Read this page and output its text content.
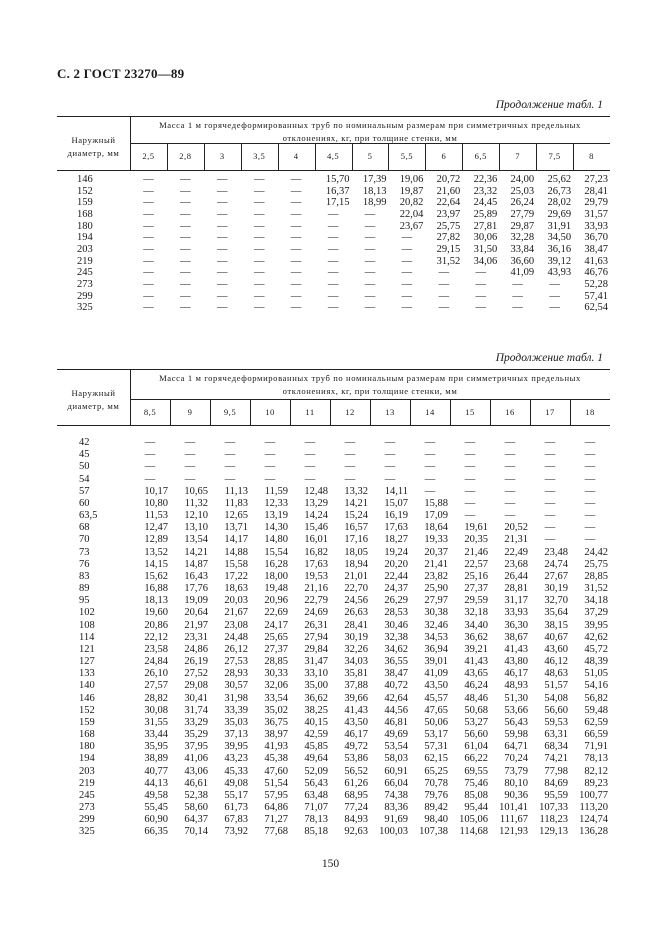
С. 2 ГОСТ 23270—89
150
Продолжение табл. 1
Наружный диаметр, мм
Масса 1 м горячедеформированных труб по номинальным размерам при симметричных предельных отклонениях, кг, при толщине стенки, мм
2,5	2,8	3	3,5	4	4,5	5	5,5	6	6,5	7	7,5	8
146	—	—	—	—	—	15,70	17,39	19,06	20,72	22,36	24,00	25,62	27,23
152	—	—	—	—	—	16,37	18,13	19,87	21,60	23,32	25,03	26,73	28,41
159	—	—	—	—	—	17,15	18,99	20,82	22,64	24,45	26,24	28,02	29,79
168	—	—	—	—	—	—	—	22,04	23,97	25,89	27,79	29,69	31,57
180	—	—	—	—	—	—	—	23,67	25,75	27,81	29,87	31,91	33,93
194	—	—	—	—	—	—	—	—	27,82	30,06	32,28	34,50	36,70
203	—	—	—	—	—	—	—	—	29,15	31,50	33,84	36,16	38,47
219	—	—	—	—	—	—	—	—	31,52	34,06	36,60	39,12	41,63
245	—	—	—	—	—	—	—	—	—	—	41,09	43,93	46,76
273	—	—	—	—	—	—	—	—	—	—	—	—	52,28
299	—	—	—	—	—	—	—	—	—	—	—	—	57,41
325	—	—	—	—	—	—	—	—	—	—	—	—	62,54
Продолжение табл. 1
Наружный диаметр, мм
Масса 1 м горячедеформированных труб по номинальным размерам при симметричных предельных отклонениях, кг, при толщине стенки, мм
8,5	9	9,5	10	11	12	13	14	15	16	17	18
42	—	—	—	—	—	—	—	—	—	—	—	—
45	—	—	—	—	—	—	—	—	—	—	—	—
50	—	—	—	—	—	—	—	—	—	—	—	—
54	—	—	—	—	—	—	—	—	—	—	—	—
57	10,17	10,65	11,13	11,59	12,48	13,32	14,11	—	—	—	—	—
60	10,80	11,32	11,83	12,33	13,29	14,21	15,07	15,88	—	—	—	—
63,5	11,53	12,10	12,65	13,19	14,24	15,24	16,19	17,09	—	—	—	—
68	12,47	13,10	13,71	14,30	15,46	16,57	17,63	18,64	19,61	20,52	—	—
70	12,89	13,54	14,17	14,80	16,01	17,16	18,27	19,33	20,35	21,31	—	—
73	13,52	14,21	14,88	15,54	16,82	18,05	19,24	20,37	21,46	22,49	23,48	24,42
76	14,15	14,87	15,58	16,28	17,63	18,94	20,20	21,41	22,57	23,68	24,74	25,75
83	15,62	16,43	17,22	18,00	19,53	21,01	22,44	23,82	25,16	26,44	27,67	28,85
89	16,88	17,76	18,63	19,48	21,16	22,70	24,37	25,90	27,37	28,81	30,19	31,52
95	18,13	19,09	20,03	20,96	22,79	24,56	26,29	27,97	29,59	31,17	32,70	34,18
102	19,60	20,64	21,67	22,69	24,69	26,63	28,53	30,38	32,18	33,93	35,64	37,29
108	20,86	21,97	23,08	24,17	26,31	28,41	30,46	32,46	34,40	36,30	38,15	39,95
114	22,12	23,31	24,48	25,65	27,94	30,19	32,38	34,53	36,62	38,67	40,67	42,62
121	23,58	24,86	26,12	27,37	29,84	32,26	34,62	36,94	39,21	41,43	43,60	45,72
127	24,84	26,19	27,53	28,85	31,47	34,03	36,55	39,01	41,43	43,80	46,12	48,39
133	26,10	27,52	28,93	30,33	33,10	35,81	38,47	41,09	43,65	46,17	48,63	51,05
140	27,57	29,08	30,57	32,06	35,00	37,88	40,72	43,50	46,24	48,93	51,57	54,16
146	28,82	30,41	31,98	33,54	36,62	39,66	42,64	45,57	48,46	51,30	54,08	56,82
152	30,08	31,74	33,39	35,02	38,25	41,43	44,56	47,65	50,68	53,66	56,60	59,48
159	31,55	33,29	35,03	36,75	40,15	43,50	46,81	50,06	53,27	56,43	59,53	62,59
168	33,44	35,29	37,13	38,97	42,59	46,17	49,69	53,17	56,60	59,98	63,31	66,59
180	35,95	37,95	39,95	41,93	45,85	49,72	53,54	57,31	61,04	64,71	68,34	71,91
194	38,89	41,06	43,23	45,38	49,64	53,86	58,03	62,15	66,22	70,24	74,21	78,13
203	40,77	43,06	45,33	47,60	52,09	56,52	60,91	65,25	69,55	73,79	77,98	82,12
219	44,13	46,61	49,08	51,54	56,43	61,26	66,04	70,78	75,46	80,10	84,69	89,23
245	49,58	52,38	55,17	57,95	63,48	68,95	74,38	79,76	85,08	90,36	95,59	100,77
273	55,45	58,60	61,73	64,86	71,07	77,24	83,36	89,42	95,44	101,41	107,33	113,20
299	60,90	64,37	67,83	71,27	78,13	84,93	91,69	98,40	105,06	111,67	118,23	124,74
325	66,35	70,14	73,92	77,68	85,18	92,63	100,03	107,38	114,68	121,93	129,13	136,28
